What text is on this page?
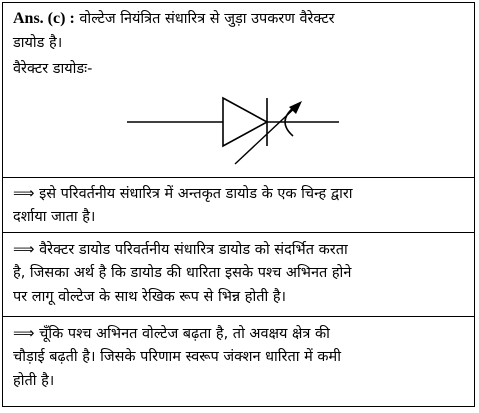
Ans. (c) : वोल्टेज नियंत्रित संधारित्र से जुड़ा उपकरण वैरेक्टर
डायोड है।
वैरेक्टर डायोडः-
⟹ इसे परिवर्तनीय संधारित्र में अन्तकृत डायोड के एक चिन्ह द्वारा
दर्शाया जाता है।
⟹ वैरेक्टर डायोड परिवर्तनीय संधारित्र डायोड को संदर्भित करता
है, जिसका अर्थ है कि डायोड की धारिता इसके पश्च अभिनत होने
पर लागू वोल्टेज के साथ रेखिक रूप से भिन्न होती है।
⟹ चूँकि पश्च अभिनत वोल्टेज बढ़ता है, तो अवक्षय क्षेत्र की
चौड़ाई बढ़ती है। जिसके परिणाम स्वरूप जंक्शन धारिता में कमी
होती है।
